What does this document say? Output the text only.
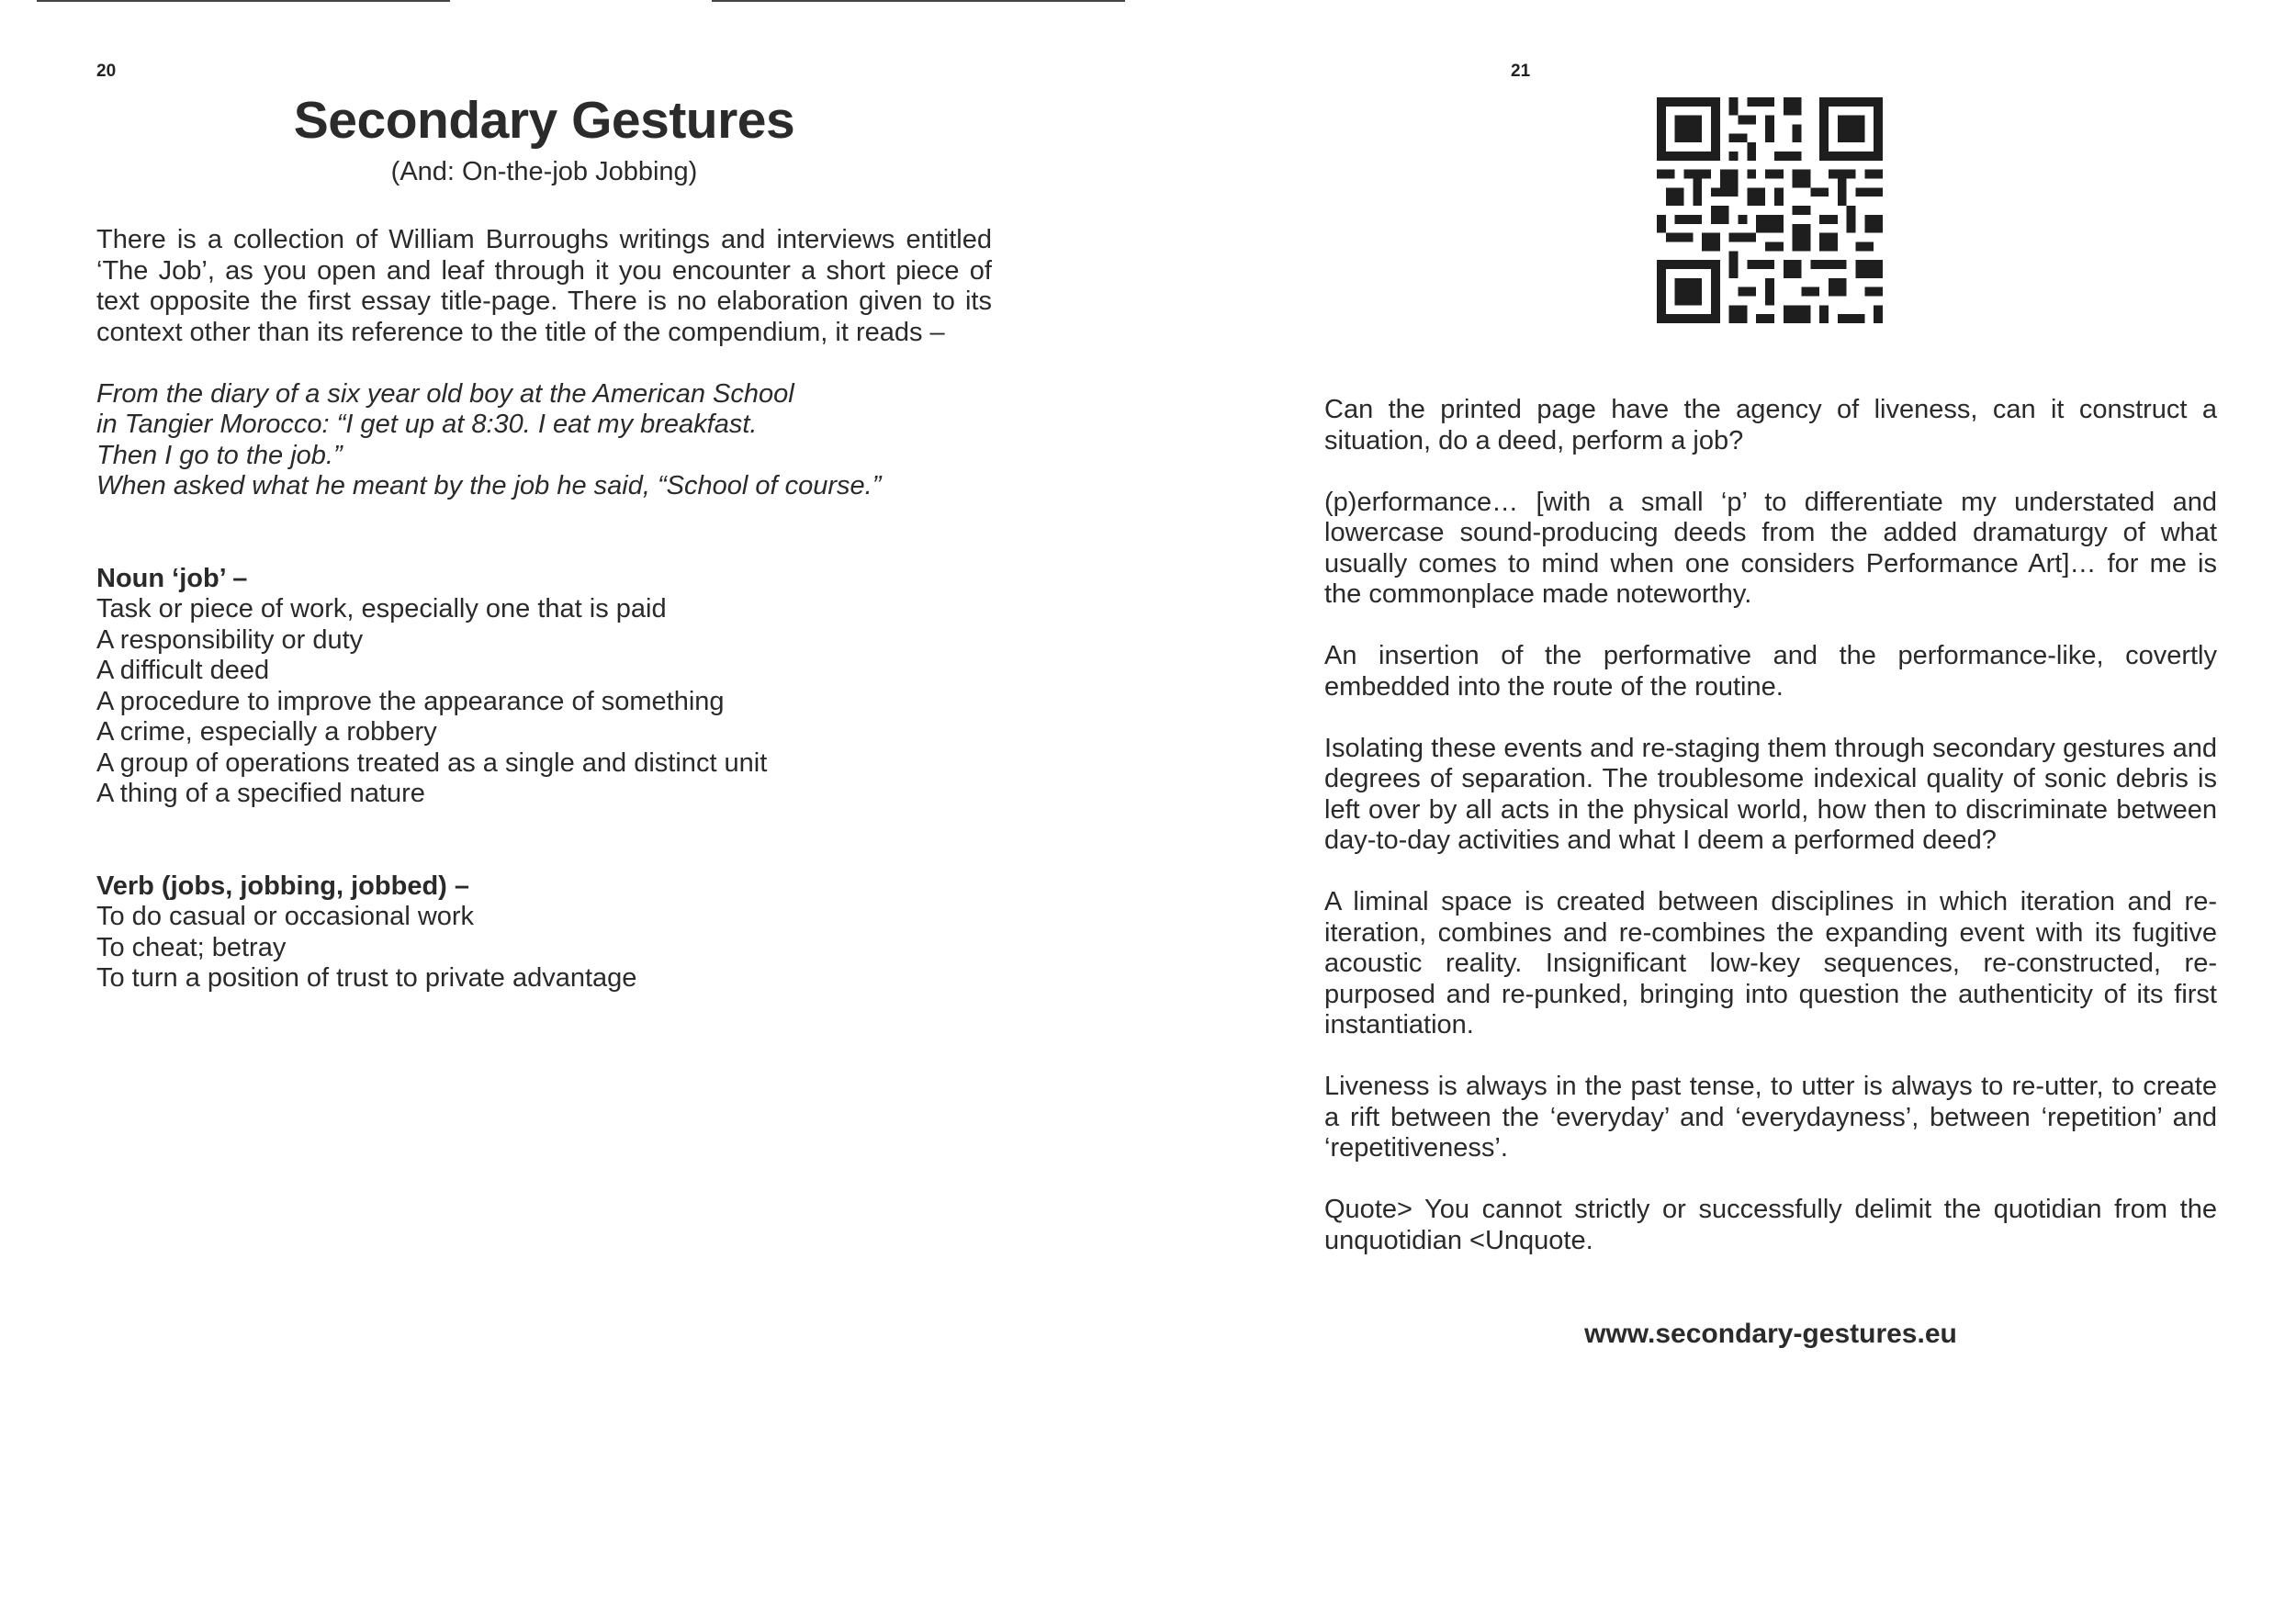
20	21
Secondary Gestures
(And: On-the-job Jobbing)

There is a collection of William Burroughs writings and interviews entitled ‘The Job’, as you open and leaf through it you encounter a short piece of text opposite the first essay title-page. There is no elaboration given to its context other than its reference to the title of the compendium, it reads –

From the diary of a six year old boy at the American School
in Tangier Morocco: “I get up at 8:30. I eat my breakfast.
Then I go to the job.”
When asked what he meant by the job he said, “School of course.”
Noun ‘job’ –
Task or piece of work, especially one that is paid
A responsibility or duty
A difficult deed
A procedure to improve the appearance of something
A crime, especially a robbery
A group of operations treated as a single and distinct unit
A thing of a specified nature
Verb (jobs, jobbing, jobbed) –
To do casual or occasional work
To cheat; betray
To turn a position of trust to private advantage

Can the printed page have the agency of liveness, can it construct a situation, do a deed, perform a job?

(p)erformance… [with a small ‘p’ to differentiate my understated and lowercase sound-producing deeds from the added dramaturgy of what usually comes to mind when one considers Performance Art]… for me is the commonplace made noteworthy.

An insertion of the performative and the performance-like, covertly embedded into the route of the routine.

Isolating these events and re-staging them through secondary gestures and degrees of separation. The troublesome indexical quality of sonic debris is left over by all acts in the physical world, how then to discriminate between day-to-day activities and what I deem a performed deed?

A liminal space is created between disciplines in which iteration and re-iteration, combines and re-combines the expanding event with its fugitive acoustic reality. Insignificant low-key sequences, re-constructed, re-purposed and re-punked, bringing into question the authenticity of its first instantiation.

Liveness is always in the past tense, to utter is always to re-utter, to create a rift between the ‘everyday’ and ‘everydayness’, between ‘repetition’ and ‘repetitiveness’.

Quote> You cannot strictly or successfully delimit the quotidian from the unquotidian <Unquote.

www.secondary-gestures.eu
